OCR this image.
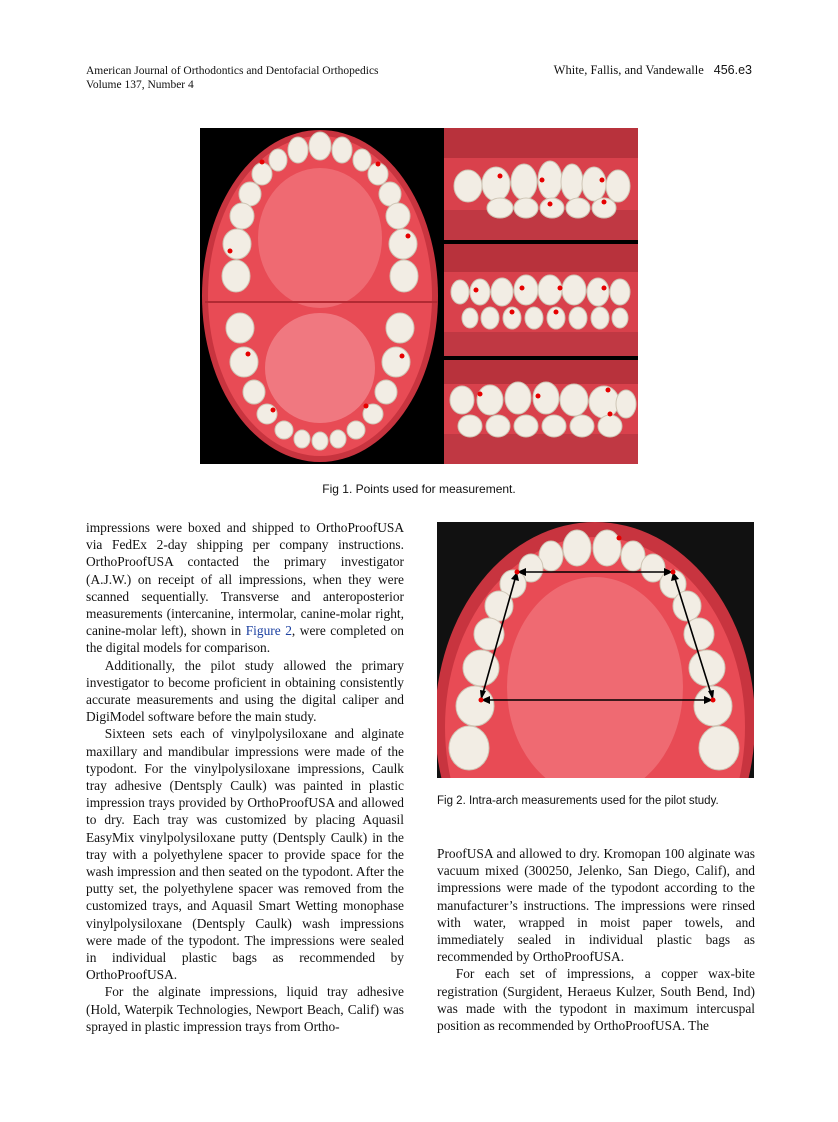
American Journal of Orthodontics and Dentofacial Orthopedics
Volume 137, Number 4
White, Fallis, and Vandewalle 456.e3
Fig 1. Points used for measurement.

impressions were boxed and shipped to OrthoProofUSA via FedEx 2-day shipping per company instructions. OrthoProofUSA contacted the primary investigator (A.J.W.) on receipt of all impressions, when they were scanned sequentially. Transverse and anteroposterior measurements (intercanine, intermolar, canine-molar right, canine-molar left), shown in Figure 2, were completed on the digital models for comparison.

Additionally, the pilot study allowed the primary investigator to become proficient in obtaining consistently accurate measurements and using the digital caliper and DigiModel software before the main study.

Sixteen sets each of vinylpolysiloxane and alginate maxillary and mandibular impressions were made of the typodont. For the vinylpolysiloxane impressions, Caulk tray adhesive (Dentsply Caulk) was painted in plastic impression trays provided by OrthoProofUSA and allowed to dry. Each tray was customized by placing Aquasil EasyMix vinylpolysiloxane putty (Dentsply Caulk) in the tray with a polyethylene spacer to provide space for the wash impression and then seated on the typodont. After the putty set, the polyethylene spacer was removed from the customized trays, and Aquasil Smart Wetting monophase vinylpolysiloxane (Dentsply Caulk) wash impressions were made of the typodont. The impressions were sealed in individual plastic bags as recommended by OrthoProofUSA.

For the alginate impressions, liquid tray adhesive (Hold, Waterpik Technologies, Newport Beach, Calif) was sprayed in plastic impression trays from Ortho-

Fig 2. Intra-arch measurements used for the pilot study.

ProofUSA and allowed to dry. Kromopan 100 alginate was vacuum mixed (300250, Jelenko, San Diego, Calif), and impressions were made of the typodont according to the manufacturer’s instructions. The impressions were rinsed with water, wrapped in moist paper towels, and immediately sealed in individual plastic bags as recommended by OrthoProofUSA.

For each set of impressions, a copper wax-bite registration (Surgident, Heraeus Kulzer, South Bend, Ind) was made with the typodont in maximum intercuspal position as recommended by OrthoProofUSA. The
